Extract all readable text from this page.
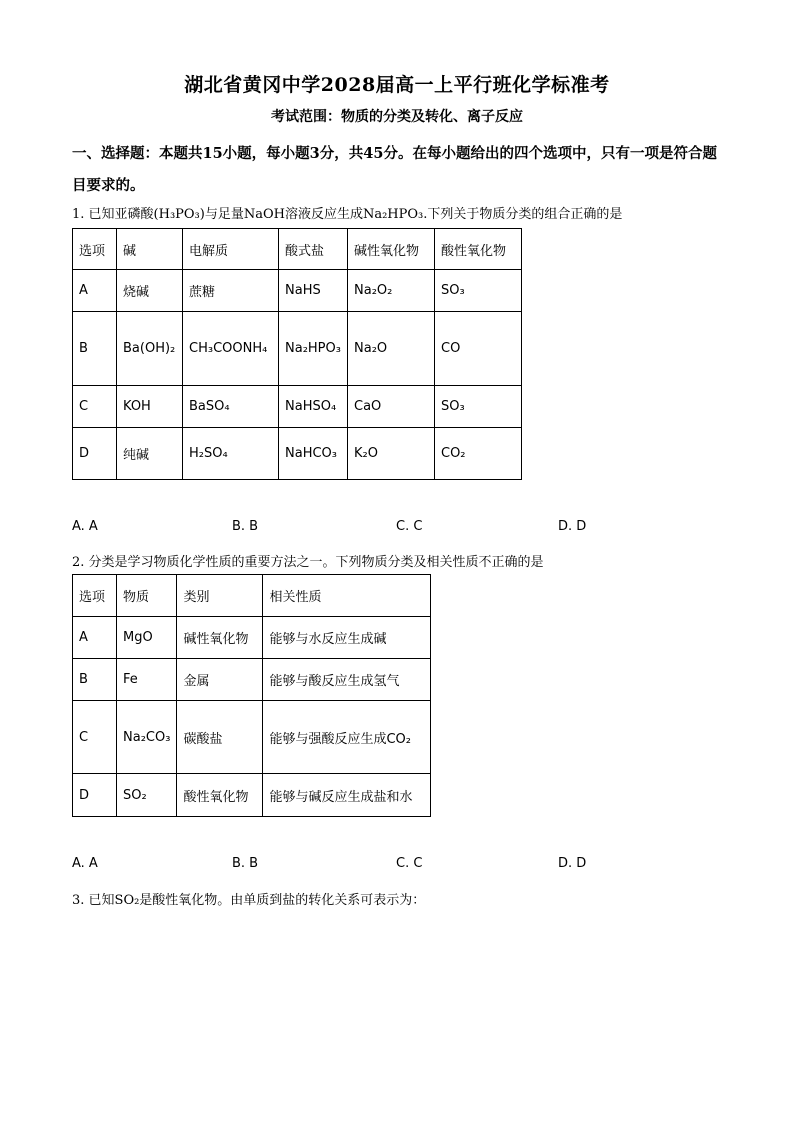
湖北省黄冈中学2028届高一上平行班化学标准考
考试范围：物质的分类及转化、离子反应
一、选择题：本题共15小题，每小题3分，共45分。在每小题给出的四个选项中，只有一项是符合题目要求的。
1. 已知亚磷酸(H₃PO₃)与足量NaOH溶液反应生成Na₂HPO₃.下列关于物质分类的组合正确的是
选项	碱	电解质	酸式盐	碱性氧化物	酸性氧化物
A	烧碱	蔗糖	NaHS	Na₂O₂	SO₃
B	Ba(OH)₂	CH₃COONH₄	Na₂HPO₃	Na₂O	CO
C	KOH	BaSO₄	NaHSO₄	CaO	SO₃
D	纯碱	H₂SO₄	NaHCO₃	K₂O	CO₂
A. A	B. B	C. C	D. D
2. 分类是学习物质化学性质的重要方法之一。下列物质分类及相关性质不正确的是
选项	物质	类别	相关性质
A	MgO	碱性氧化物	能够与水反应生成碱
B	Fe	金属	能够与酸反应生成氢气
C	Na₂CO₃	碳酸盐	能够与强酸反应生成CO₂
D	SO₂	酸性氧化物	能够与碱反应生成盐和水
A. A	B. B	C. C	D. D
3. 已知SO₂是酸性氧化物。由单质到盐的转化关系可表示为：
